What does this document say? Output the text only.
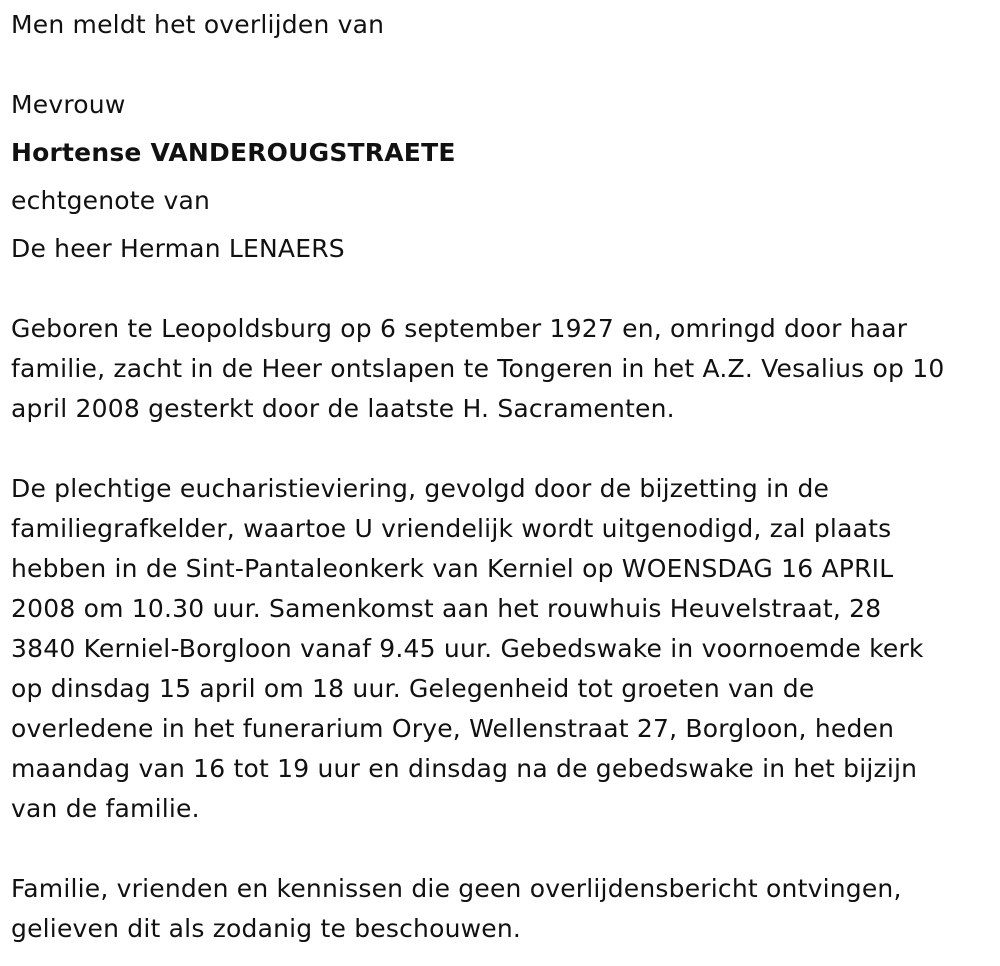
Men meldt het overlijden van
Mevrouw
Hortense VANDEROUGSTRAETE
echtgenote van
De heer Herman LENAERS
Geboren te Leopoldsburg op 6 september 1927 en, omringd door haar
familie, zacht in de Heer ontslapen te Tongeren in het A.Z. Vesalius op 10
april 2008 gesterkt door de laatste H. Sacramenten.
De plechtige eucharistieviering, gevolgd door de bijzetting in de
familiegrafkelder, waartoe U vriendelijk wordt uitgenodigd, zal plaats
hebben in de Sint-Pantaleonkerk van Kerniel op WOENSDAG 16 APRIL
2008 om 10.30 uur. Samenkomst aan het rouwhuis Heuvelstraat, 28
3840 Kerniel-Borgloon vanaf 9.45 uur. Gebedswake in voornoemde kerk
op dinsdag 15 april om 18 uur. Gelegenheid tot groeten van de
overledene in het funerarium Orye, Wellenstraat 27, Borgloon, heden
maandag van 16 tot 19 uur en dinsdag na de gebedswake in het bijzijn
van de familie.
Familie, vrienden en kennissen die geen overlijdensbericht ontvingen,
gelieven dit als zodanig te beschouwen.
